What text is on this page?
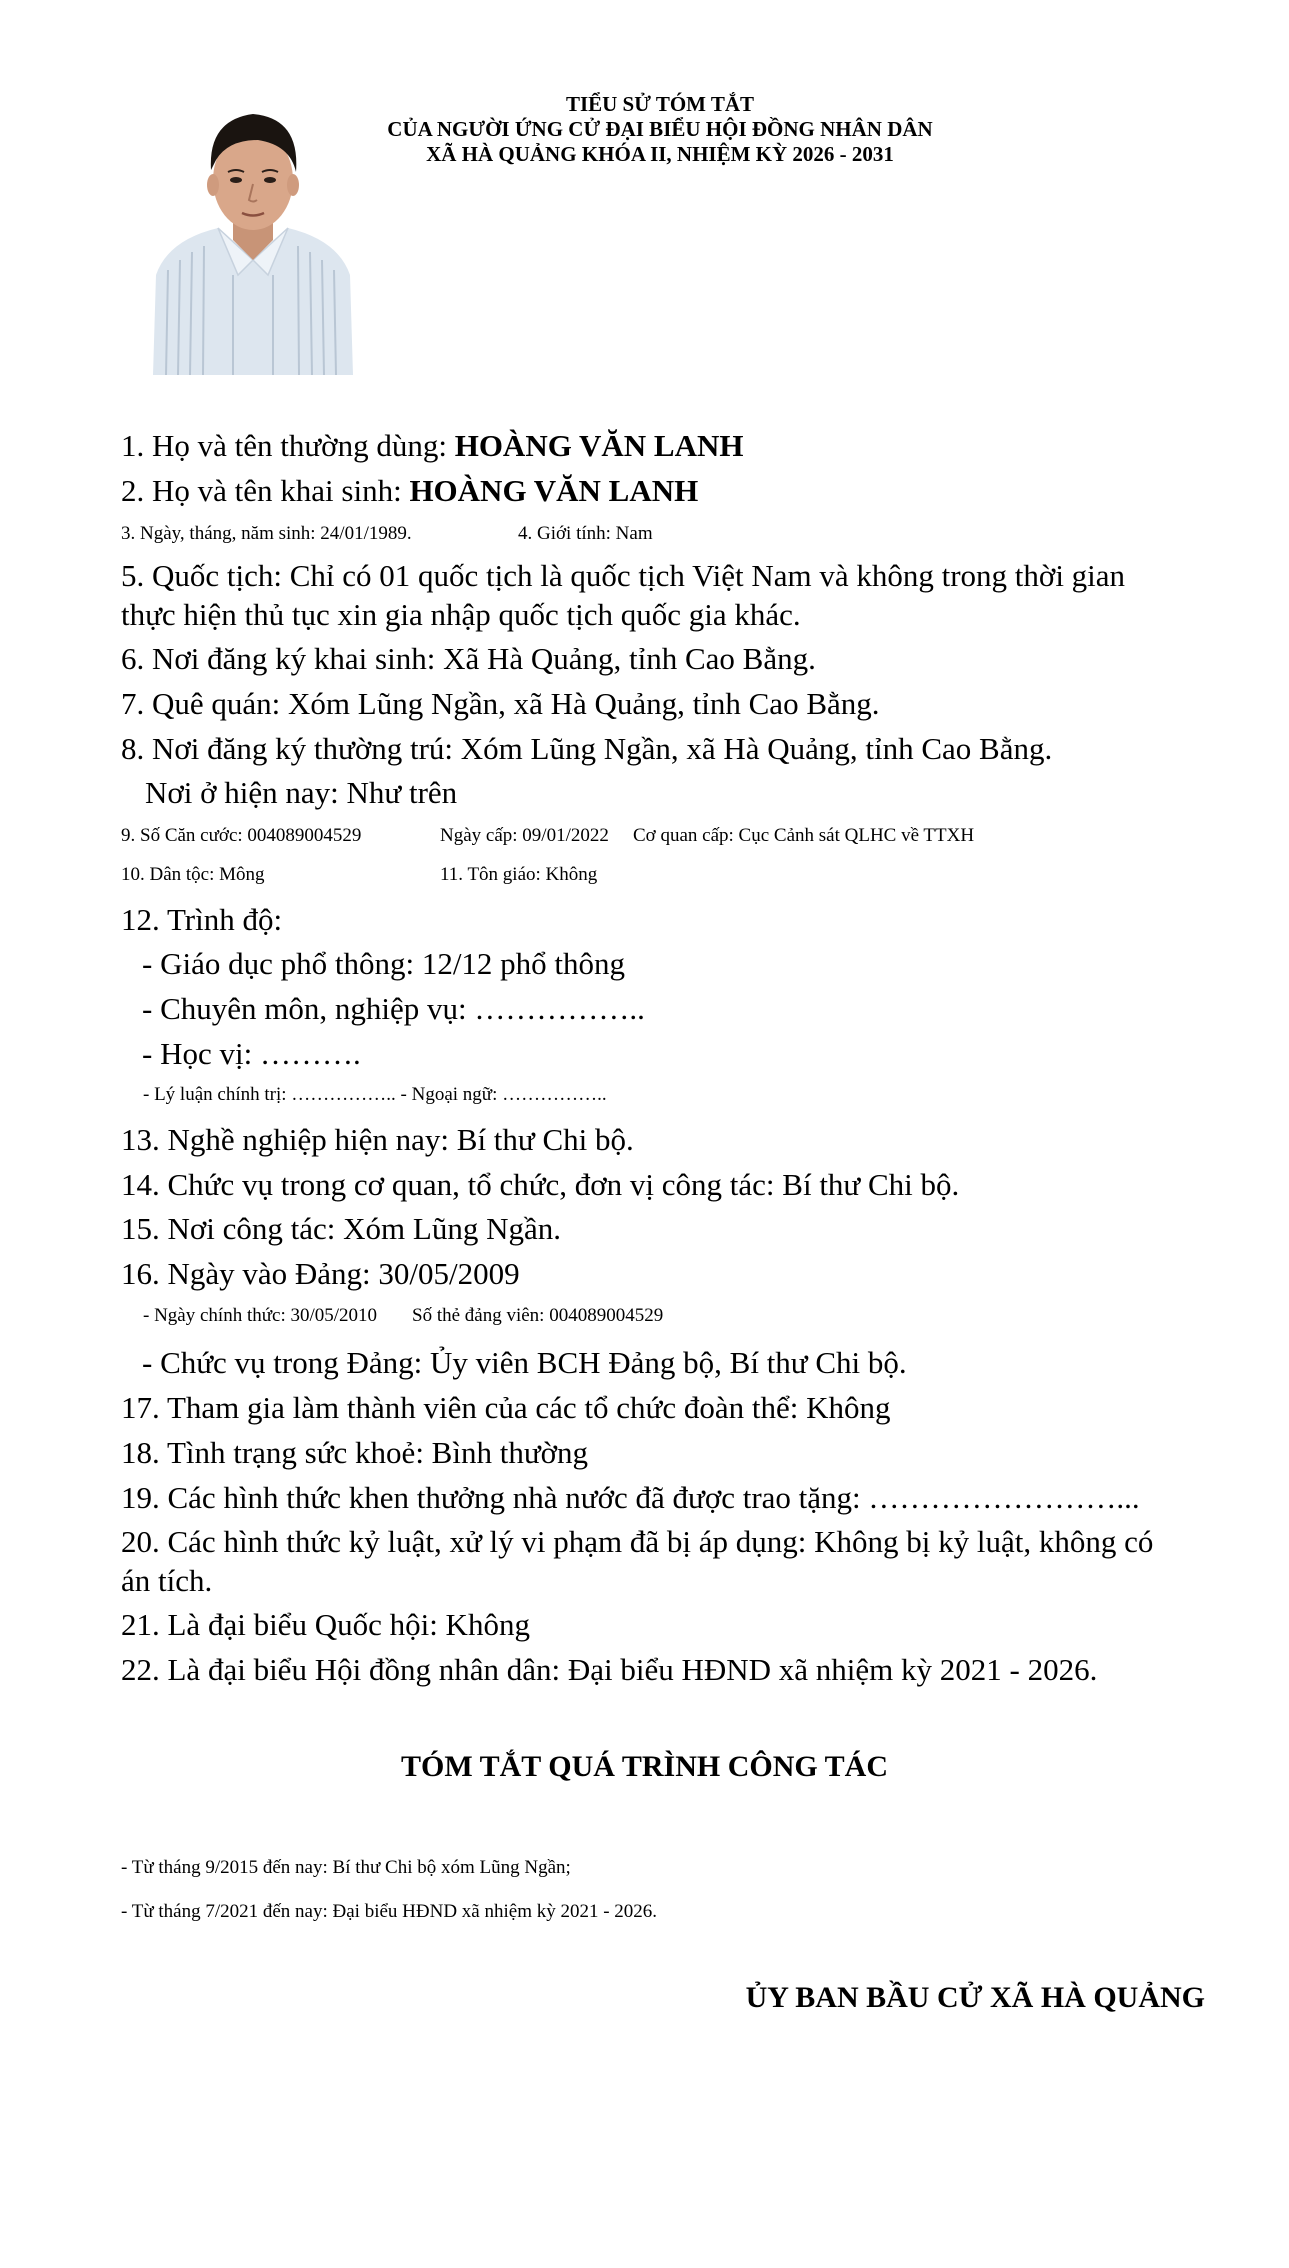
TIỂU SỬ TÓM TẮT
CỦA NGƯỜI ỨNG CỬ ĐẠI BIỂU HỘI ĐỒNG NHÂN DÂN
XÃ HÀ QUẢNG KHÓA II, NHIỆM KỲ 2026 - 2031
1. Họ và tên thường dùng: HOÀNG VĂN LANH
2. Họ và tên khai sinh: HOÀNG VĂN LANH
3. Ngày, tháng, năm sinh: 24/01/1989.	4. Giới tính: Nam
5. Quốc tịch: Chỉ có 01 quốc tịch là quốc tịch Việt Nam và không trong thời gian
thực hiện thủ tục xin gia nhập quốc tịch quốc gia khác.
6. Nơi đăng ký khai sinh: Xã Hà Quảng, tỉnh Cao Bằng.
7. Quê quán: Xóm Lũng Ngần, xã Hà Quảng, tỉnh Cao Bằng.
8. Nơi đăng ký thường trú: Xóm Lũng Ngần, xã Hà Quảng, tỉnh Cao Bằng.
Nơi ở hiện nay: Như trên
9. Số Căn cước: 004089004529	Ngày cấp: 09/01/2022 Cơ quan cấp: Cục Cảnh sát QLHC về TTXH
10. Dân tộc: Mông	11. Tôn giáo: Không
12. Trình độ:
- Giáo dục phổ thông: 12/12 phổ thông
- Chuyên môn, nghiệp vụ: ……………..
- Học vị: ……….
- Lý luận chính trị: …………….. - Ngoại ngữ: ……………..
13. Nghề nghiệp hiện nay: Bí thư Chi bộ.
14. Chức vụ trong cơ quan, tổ chức, đơn vị công tác: Bí thư Chi bộ.
15. Nơi công tác: Xóm Lũng Ngần.
16. Ngày vào Đảng: 30/05/2009
- Ngày chính thức: 30/05/2010 Số thẻ đảng viên: 004089004529
- Chức vụ trong Đảng: Ủy viên BCH Đảng bộ, Bí thư Chi bộ.
17. Tham gia làm thành viên của các tổ chức đoàn thể: Không
18. Tình trạng sức khoẻ: Bình thường
19. Các hình thức khen thưởng nhà nước đã được trao tặng: ……………………...
20. Các hình thức kỷ luật, xử lý vi phạm đã bị áp dụng: Không bị kỷ luật, không có
án tích.
21. Là đại biểu Quốc hội: Không
22. Là đại biểu Hội đồng nhân dân: Đại biểu HĐND xã nhiệm kỳ 2021 - 2026.
TÓM TẮT QUÁ TRÌNH CÔNG TÁC
- Từ tháng 9/2015 đến nay: Bí thư Chi bộ xóm Lũng Ngần;
- Từ tháng 7/2021 đến nay: Đại biểu HĐND xã nhiệm kỳ 2021 - 2026.
ỦY BAN BẦU CỬ XÃ HÀ QUẢNG
